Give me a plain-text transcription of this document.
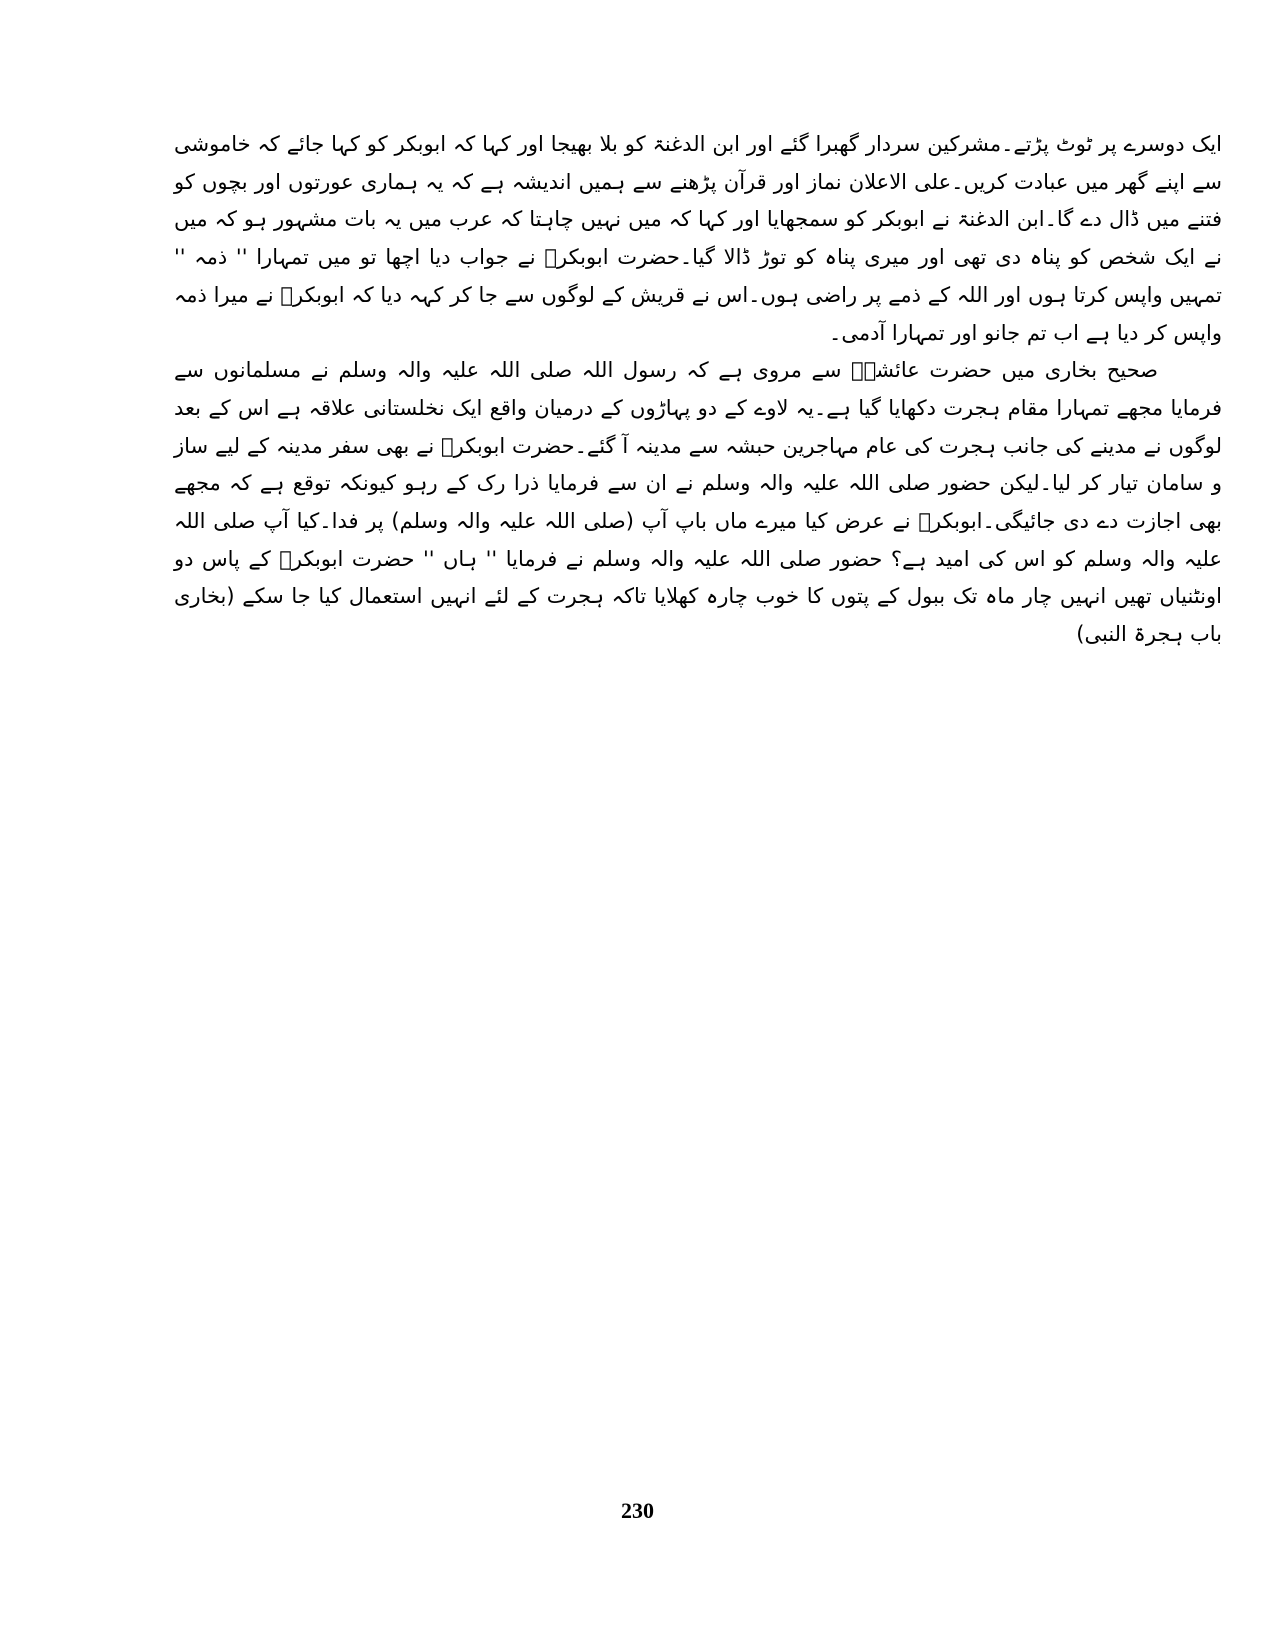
ایک دوسرے پر ٹوٹ پڑتے۔مشرکین سردار گھبرا گئے اور ابن الدغنۃ کو بلا بھیجا اور کہا کہ ابوبکر کو کہا جائے کہ خاموشی سے اپنے گھر میں عبادت کریں۔علی الاعلان نماز اور قرآن پڑھنے سے ہمیں اندیشہ ہے کہ یہ ہماری عورتوں اور بچوں کو فتنے میں ڈال دے گا۔ابن الدغنۃ نے ابوبکر کو سمجھایا اور کہا کہ میں نہیں چاہتا کہ عرب میں یہ بات مشہور ہو کہ میں نے ایک شخص کو پناہ دی تھی اور میری پناہ کو توڑ ڈالا گیا۔حضرت ابوبکرؓ نے جواب دیا اچھا تو میں تمہارا '' ذمہ '' تمہیں واپس کرتا ہوں اور اللہ کے ذمے پر راضی ہوں۔اس نے قریش کے لوگوں سے جا کر کہہ دیا کہ ابوبکرؓ نے میرا ذمہ واپس کر دیا ہے اب تم جانو اور تمہارا آدمی۔

صحیح بخاری میں حضرت عائشہؓ سے مروی ہے کہ رسول اللہ صلی اللہ علیہ والہ وسلم نے مسلمانوں سے فرمایا مجھے تمہارا مقام ہجرت دکھایا گیا ہے۔یہ لاوے کے دو پہاڑوں کے درمیان واقع ایک نخلستانی علاقہ ہے اس کے بعد لوگوں نے مدینے کی جانب ہجرت کی عام مہاجرین حبشہ سے مدینہ آ گئے۔حضرت ابوبکرؓ نے بھی سفر مدینہ کے لیے ساز و سامان تیار کر لیا۔لیکن حضور صلی اللہ علیہ والہ وسلم نے ان سے فرمایا ذرا رک کے رہو کیونکہ توقع ہے کہ مجھے بھی اجازت دے دی جائیگی۔ابوبکرؓ نے عرض کیا میرے ماں باپ آپ (صلی اللہ علیہ والہ وسلم) پر فدا۔کیا آپ صلی اللہ علیہ والہ وسلم کو اس کی امید ہے؟ حضور صلی اللہ علیہ والہ وسلم نے فرمایا '' ہاں '' حضرت ابوبکرؓ کے پاس دو اونٹنیاں تھیں انہیں چار ماہ تک ببول کے پتوں کا خوب چارہ کھلایا تاکہ ہجرت کے لئے انہیں استعمال کیا جا سکے (بخاری باب ہجرۃ النبی)

230
